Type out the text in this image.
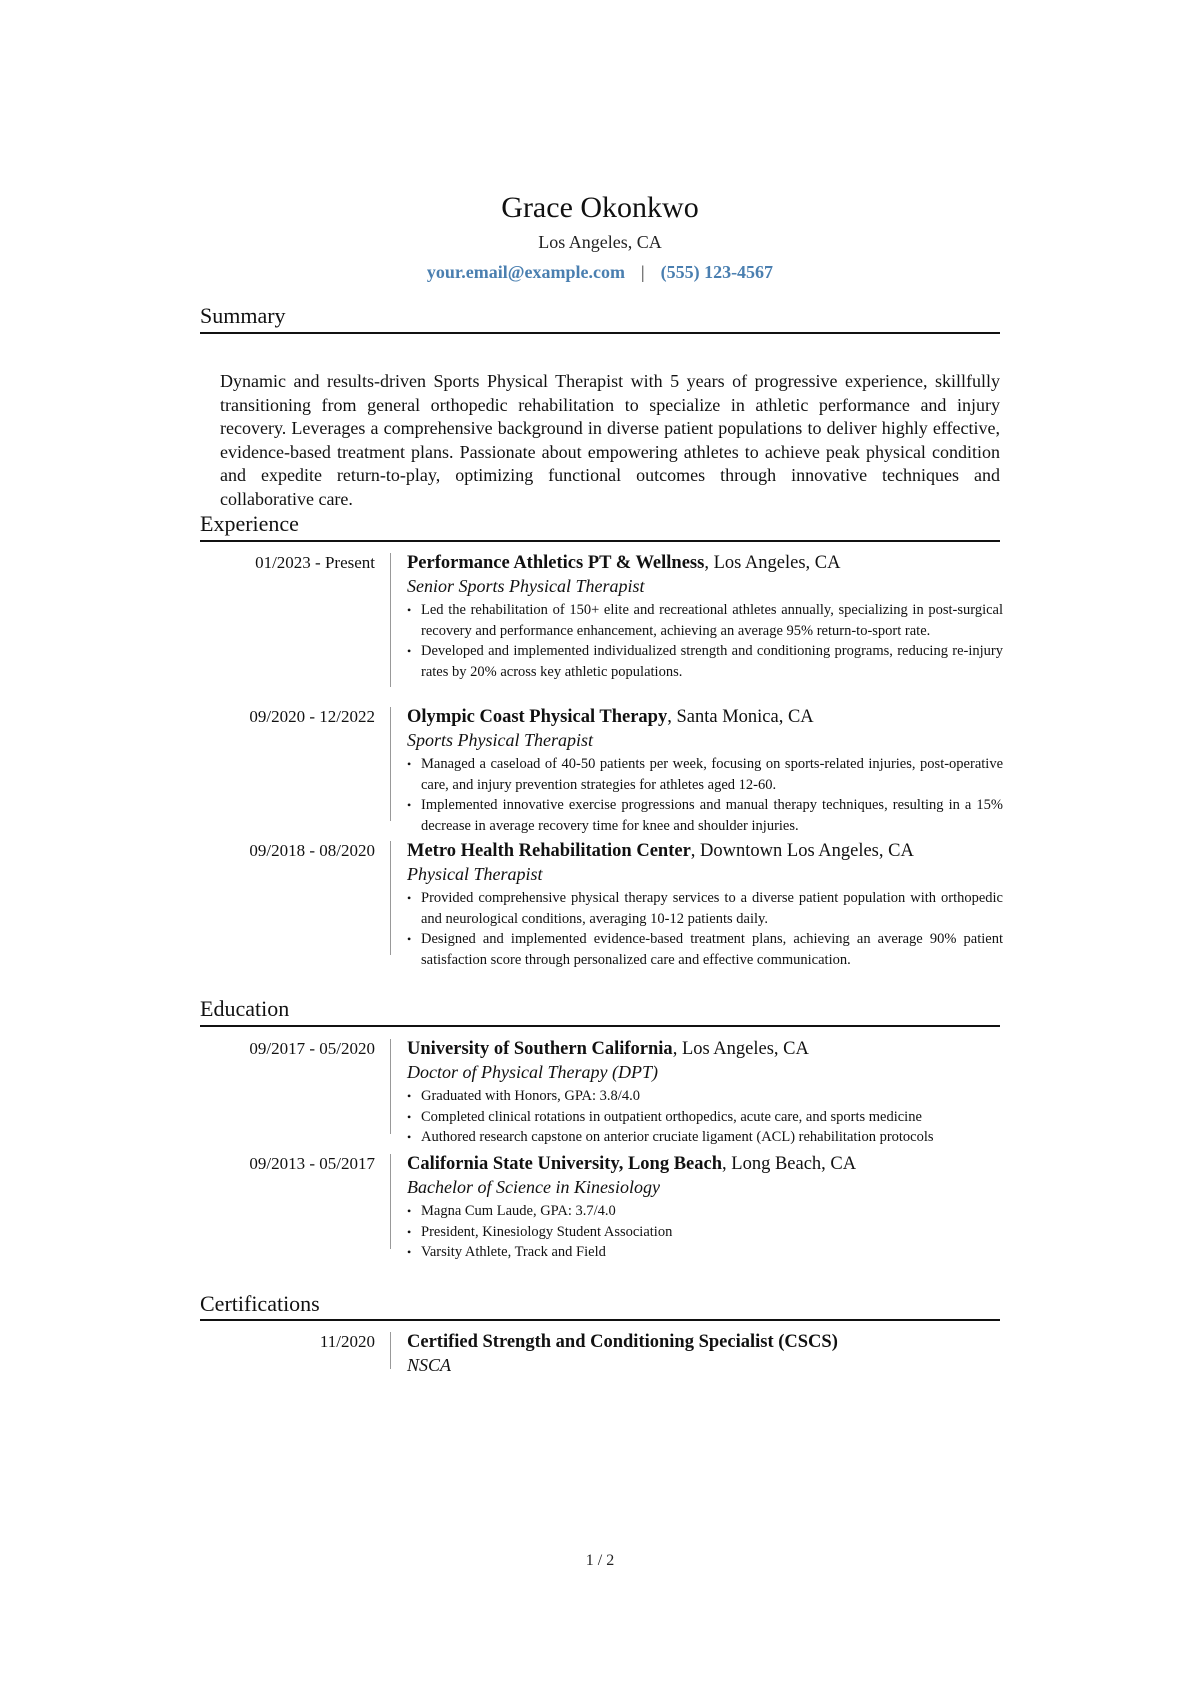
Grace Okonkwo
Los Angeles, CA
your.email@example.com | (555) 123-4567
Summary
Dynamic and results-driven Sports Physical Therapist with 5 years of progressive experience, skillfully transitioning from general orthopedic rehabilitation to specialize in athletic performance and injury recovery. Leverages a comprehensive background in diverse patient populations to deliver highly effective, evidence-based treatment plans. Passionate about empowering athletes to achieve peak physical condition and expedite return-to-play, optimizing functional outcomes through innovative techniques and collaborative care.
Experience
01/2023 - Present Performance Athletics PT & Wellness, Los Angeles, CA
Senior Sports Physical Therapist
• Led the rehabilitation of 150+ elite and recreational athletes annually, specializing in post-surgical recovery and performance enhancement, achieving an average 95% return-to-sport rate.
• Developed and implemented individualized strength and conditioning programs, reducing re-injury rates by 20% across key athletic populations.
09/2020 - 12/2022 Olympic Coast Physical Therapy, Santa Monica, CA
Sports Physical Therapist
• Managed a caseload of 40-50 patients per week, focusing on sports-related injuries, post-operative care, and injury prevention strategies for athletes aged 12-60.
• Implemented innovative exercise progressions and manual therapy techniques, resulting in a 15% decrease in average recovery time for knee and shoulder injuries.
09/2018 - 08/2020 Metro Health Rehabilitation Center, Downtown Los Angeles, CA
Physical Therapist
• Provided comprehensive physical therapy services to a diverse patient population with orthopedic and neurological conditions, averaging 10-12 patients daily.
• Designed and implemented evidence-based treatment plans, achieving an average 90% patient satisfaction score through personalized care and effective communication.
Education
09/2017 - 05/2020 University of Southern California, Los Angeles, CA
Doctor of Physical Therapy (DPT)
• Graduated with Honors, GPA: 3.8/4.0
• Completed clinical rotations in outpatient orthopedics, acute care, and sports medicine
• Authored research capstone on anterior cruciate ligament (ACL) rehabilitation protocols
09/2013 - 05/2017 California State University, Long Beach, Long Beach, CA
Bachelor of Science in Kinesiology
• Magna Cum Laude, GPA: 3.7/4.0
• President, Kinesiology Student Association
• Varsity Athlete, Track and Field
Certifications
11/2020 Certified Strength and Conditioning Specialist (CSCS)
NSCA
1 / 2
